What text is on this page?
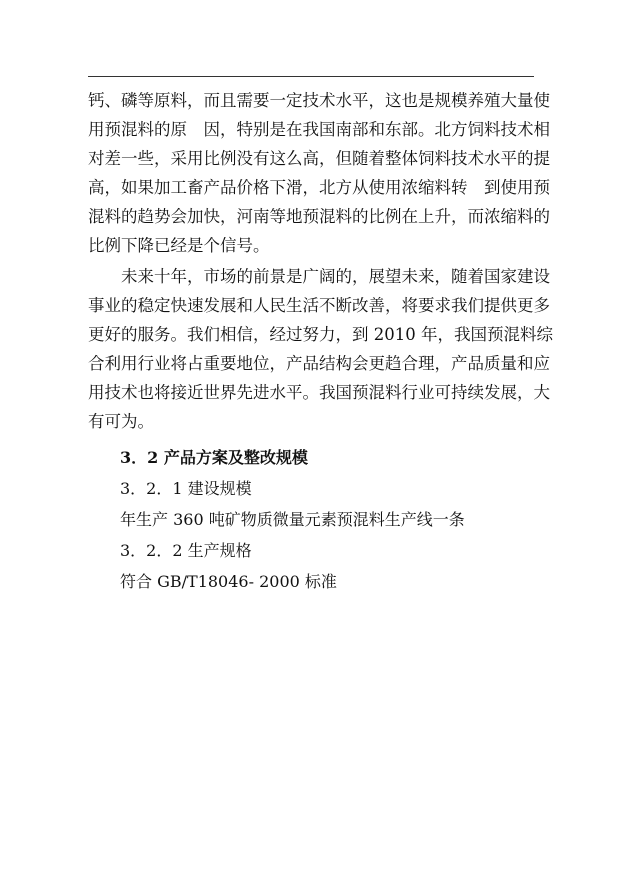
钙、磷等原料，而且需要一定技术水平，这也是规模养殖大量使
用预混料的原　因，特别是在我国南部和东部。北方饲料技术相
对差一些，采用比例没有这么高，但随着整体饲料技术水平的提
高，如果加工畜产品价格下滑，北方从使用浓缩料转　到使用预
混料的趋势会加快，河南等地预混料的比例在上升，而浓缩料的
比例下降已经是个信号。
　　未来十年，市场的前景是广阔的，展望未来，随着国家建设
事业的稳定快速发展和人民生活不断改善，将要求我们提供更多
更好的服务。我们相信，经过努力，到 2010 年，我国预混料综
合利用行业将占重要地位，产品结构会更趋合理，产品质量和应
用技术也将接近世界先进水平。我国预混料行业可持续发展，大
有可为。
3．2 产品方案及整改规模
3．2．1 建设规模
年生产 360 吨矿物质微量元素预混料生产线一条
3．2．2 生产规格
符合 GB/T18046- 2000 标准
